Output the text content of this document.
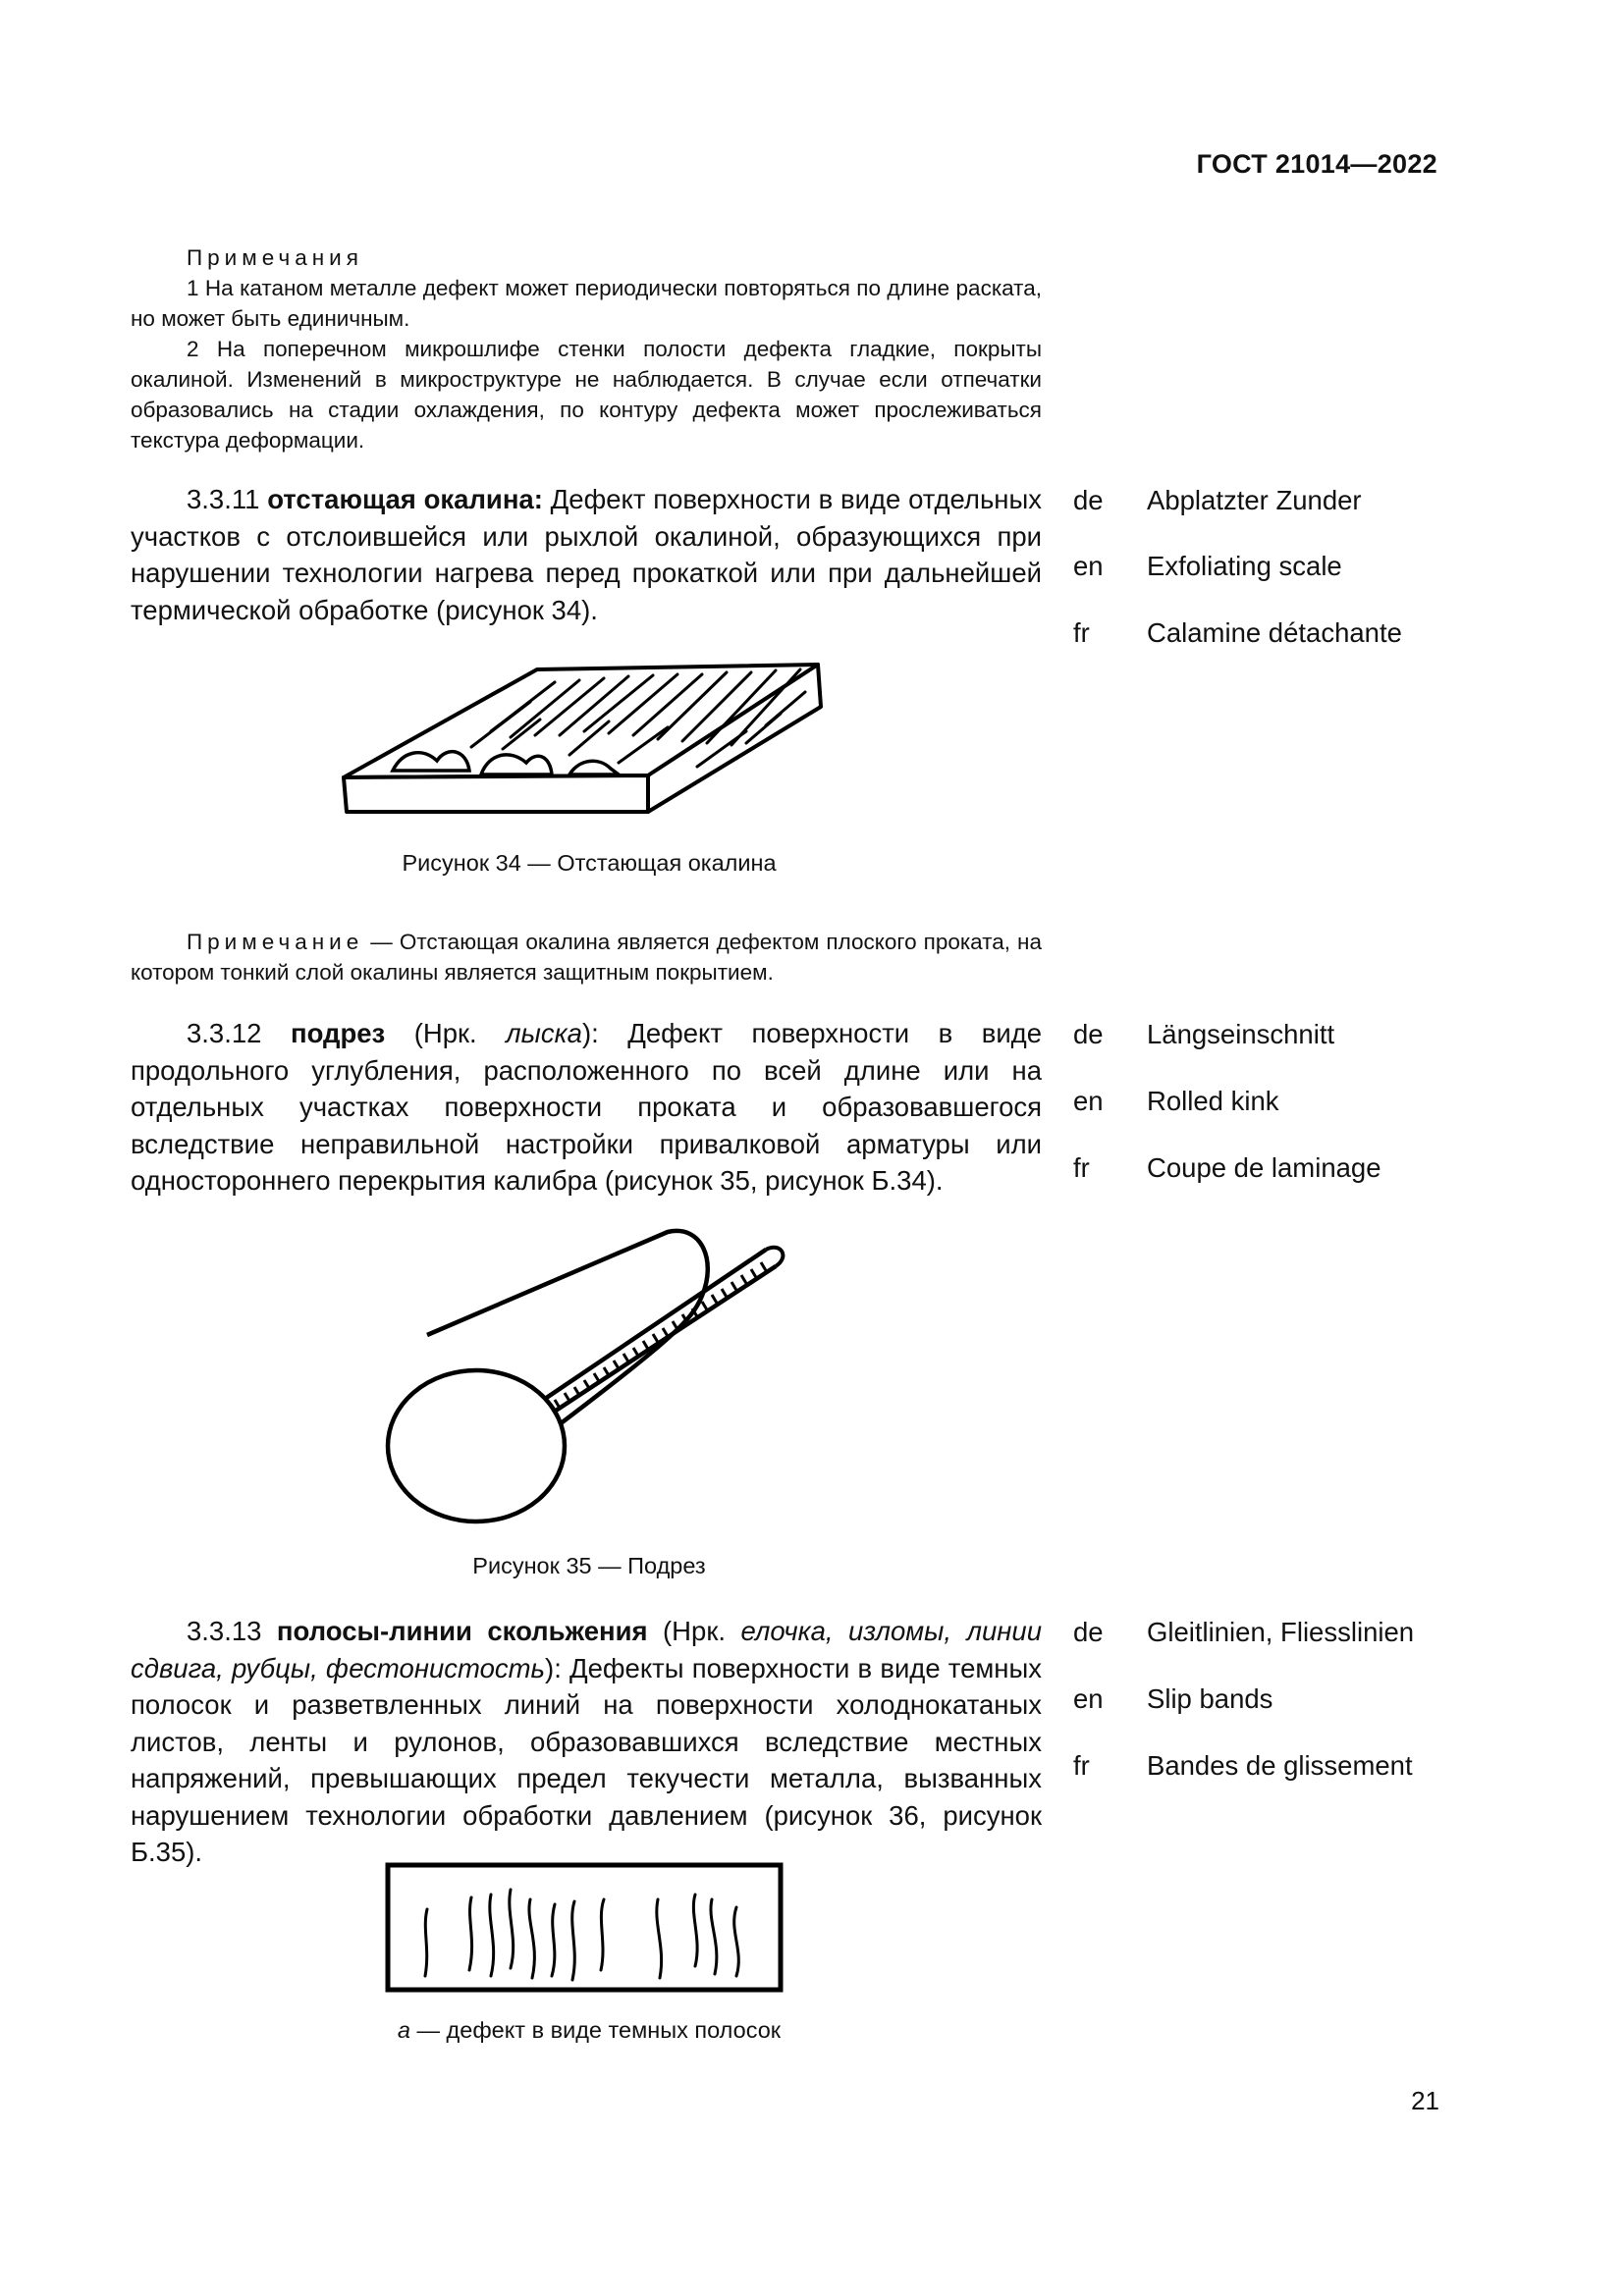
ГОСТ 21014—2022

Примечания

1 На катаном металле дефект может периодически повторяться по длине раската, но может быть единичным.

2 На поперечном микрошлифе стенки полости дефекта гладкие, покрыты окалиной. Изменений в микроструктуре не наблюдается. В случае если отпечатки образовались на стадии охлаждения, по контуру дефекта может прослеживаться текстура деформации.

3.3.11 отстающая окалина: Дефект поверхности в виде отдельных участков с отслоившейся или рыхлой окалиной, образующихся при нарушении технологии нагрева перед прокаткой или при дальнейшей термической обработке (рисунок 34).

de Abplatzter Zunder
en Exfoliating scale
fr Calamine détachante
Рисунок 34 — Отстающая окалина

Примечание — Отстающая окалина является дефектом плоского проката, на котором тонкий слой окалины является защитным покрытием.

3.3.12 подрез (Нрк. лыска): Дефект поверхности в виде продольного углубления, расположенного по всей длине или на отдельных участках поверхности проката и образовавшегося вследствие неправильной настройки привалковой арматуры или одностороннего перекрытия калибра (рисунок 35, рисунок Б.34).

de Längseinschnitt
en Rolled kink
fr Coupe de laminage
Рисунок 35 — Подрез

3.3.13 полосы-линии скольжения (Нрк. елочка, изломы, линии сдвига, рубцы, фестонистость): Дефекты поверхности в виде темных полосок и разветвленных линий на поверхности холоднокатаных листов, ленты и рулонов, образовавшихся вследствие местных напряжений, превышающих предел текучести металла, вызванных нарушением технологии обработки давлением (рисунок 36, рисунок Б.35).

de Gleitlinien, Fliesslinien
en Slip bands
fr Bandes de glissement
а — дефект в виде темных полосок
21
